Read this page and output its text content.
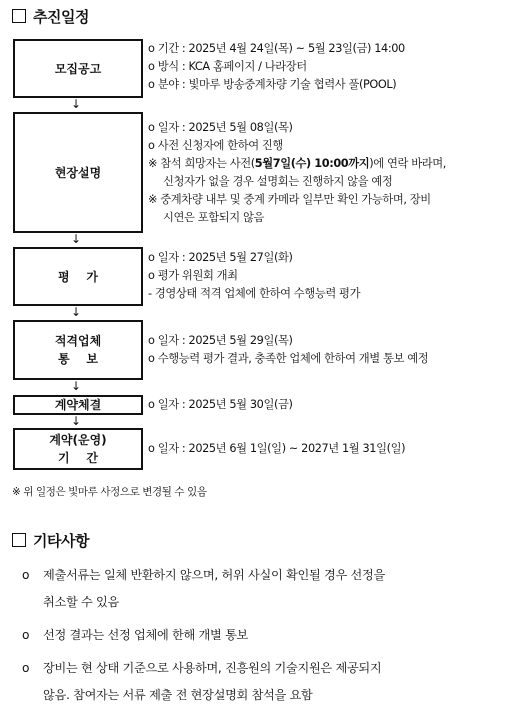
추진일정
모집공고
↓
현장설명
↓
평    가
↓
적격업체
통    보
↓
계약체결
↓
계약(운영)
기    간
o 기간 : 2025년 4월 24일(목) ~ 5월 23일(금) 14:00
o 방식 : KCA 홈페이지 / 나라장터
o 분야 : 빛마루 방송중계차량 기술 협력사 풀(POOL)
o 일자 : 2025년 5월 08일(목)
o 사전 신청자에 한하여 진행
※ 참석 희망자는 사전(5월7일(수) 10:00까지)에 연락 바라며,
신청자가 없을 경우 설명회는 진행하지 않을 예정
※ 중계차량 내부 및 중계 카메라 일부만 확인 가능하며, 장비
시연은 포함되지 않음
o 일자 : 2025년 5월 27일(화)
o 평가 위원회 개최
- 경영상태 적격 업체에 한하여 수행능력 평가
o 일자 : 2025년 5월 29일(목)
o 수행능력 평가 결과, 충족한 업체에 한하여 개별 통보 예정
o 일자 : 2025년 5월 30일(금)
o 일자 : 2025년 6월 1일(일) ~ 2027년 1월 31일(일)
※ 위 일정은 빛마루 사정으로 변경될 수 있음
기타사항
o 제출서류는 일체 반환하지 않으며, 허위 사실이 확인될 경우 선정을
취소할 수 있음
o 선정 결과는 선정 업체에 한해 개별 통보
o 장비는 현 상태 기준으로 사용하며, 진흥원의 기술지원은 제공되지
않음. 참여자는 서류 제출 전 현장설명회 참석을 요함
